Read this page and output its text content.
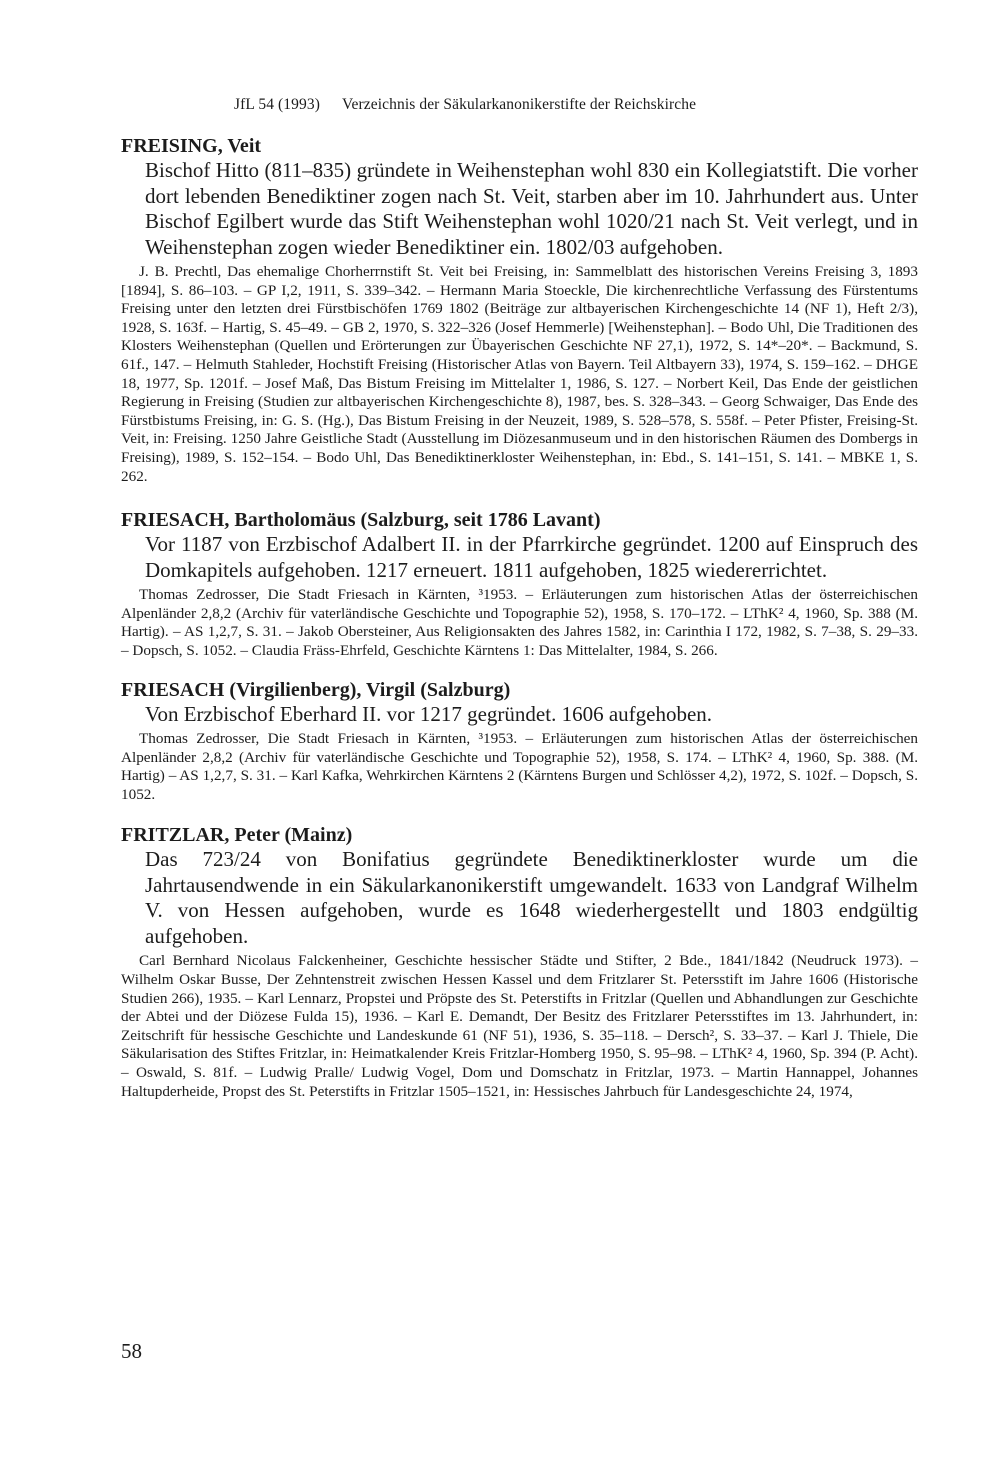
JfL 54 (1993) Verzeichnis der Säkularkanonikerstifte der Reichskirche
FREISING, Veit

Bischof Hitto (811–835) gründete in Weihenstephan wohl 830 ein Kollegiatstift. Die vorher dort lebenden Benediktiner zogen nach St. Veit, starben aber im 10. Jahrhundert aus. Unter Bischof Egilbert wurde das Stift Weihenstephan wohl 1020/21 nach St. Veit verlegt, und in Weihenstephan zogen wieder Benediktiner ein. 1802/03 aufgehoben.

J. B. Prechtl, Das ehemalige Chorherrnstift St. Veit bei Freising, in: Sammelblatt des historischen Vereins Freising 3, 1893 [1894], S. 86–103. – GP I,2, 1911, S. 339–342. – Hermann Maria Stoeckle, Die kirchenrechtliche Verfassung des Fürstentums Freising unter den letzten drei Fürstbischöfen 1769 1802 (Beiträge zur altbayerischen Kirchengeschichte 14 (NF 1), Heft 2/3), 1928, S. 163f. – Hartig, S. 45–49. – GB 2, 1970, S. 322–326 (Josef Hemmerle) [Weihenstephan]. – Bodo Uhl, Die Traditionen des Klosters Weihenstephan (Quellen und Erörterungen zur Übayerischen Geschichte NF 27,1), 1972, S. 14*–20*. – Backmund, S. 61f., 147. – Helmuth Stahleder, Hochstift Freising (Historischer Atlas von Bayern. Teil Altbayern 33), 1974, S. 159–162. – DHGE 18, 1977, Sp. 1201f. – Josef Maß, Das Bistum Freising im Mittelalter 1, 1986, S. 127. – Norbert Keil, Das Ende der geistlichen Regierung in Freising (Studien zur altbayerischen Kirchengeschichte 8), 1987, bes. S. 328–343. – Georg Schwaiger, Das Ende des Fürstbistums Freising, in: G. S. (Hg.), Das Bistum Freising in der Neuzeit, 1989, S. 528–578, S. 558f. – Peter Pfister, Freising-St. Veit, in: Freising. 1250 Jahre Geistliche Stadt (Ausstellung im Diözesanmuseum und in den historischen Räumen des Dombergs in Freising), 1989, S. 152–154. – Bodo Uhl, Das Benediktinerkloster Weihenstephan, in: Ebd., S. 141–151, S. 141. – MBKE 1, S. 262.

FRIESACH, Bartholomäus (Salzburg, seit 1786 Lavant)

Vor 1187 von Erzbischof Adalbert II. in der Pfarrkirche gegründet. 1200 auf Einspruch des Domkapitels aufgehoben. 1217 erneuert. 1811 aufgehoben, 1825 wiedererrichtet.

Thomas Zedrosser, Die Stadt Friesach in Kärnten, ³1953. – Erläuterungen zum historischen Atlas der österreichischen Alpenländer 2,8,2 (Archiv für vaterländische Geschichte und Topographie 52), 1958, S. 170–172. – LThK² 4, 1960, Sp. 388 (M. Hartig). – AS 1,2,7, S. 31. – Jakob Obersteiner, Aus Religionsakten des Jahres 1582, in: Carinthia I 172, 1982, S. 7–38, S. 29–33. – Dopsch, S. 1052. – Claudia Fräss-Ehrfeld, Geschichte Kärntens 1: Das Mittelalter, 1984, S. 266.

FRIESACH (Virgilienberg), Virgil (Salzburg)

Von Erzbischof Eberhard II. vor 1217 gegründet. 1606 aufgehoben.

Thomas Zedrosser, Die Stadt Friesach in Kärnten, ³1953. – Erläuterungen zum historischen Atlas der österreichischen Alpenländer 2,8,2 (Archiv für vaterländische Geschichte und Topographie 52), 1958, S. 174. – LThK² 4, 1960, Sp. 388. (M. Hartig) – AS 1,2,7, S. 31. – Karl Kafka, Wehrkirchen Kärntens 2 (Kärntens Burgen und Schlösser 4,2), 1972, S. 102f. – Dopsch, S. 1052.

FRITZLAR, Peter (Mainz)

Das 723/24 von Bonifatius gegründete Benediktinerkloster wurde um die Jahrtausendwende in ein Säkularkanonikerstift umgewandelt. 1633 von Landgraf Wilhelm V. von Hessen aufgehoben, wurde es 1648 wiederhergestellt und 1803 endgültig aufgehoben.

Carl Bernhard Nicolaus Falckenheiner, Geschichte hessischer Städte und Stifter, 2 Bde., 1841/1842 (Neudruck 1973). – Wilhelm Oskar Busse, Der Zehntenstreit zwischen Hessen Kassel und dem Fritzlarer St. Petersstift im Jahre 1606 (Historische Studien 266), 1935. – Karl Lennarz, Propstei und Pröpste des St. Peterstifts in Fritzlar (Quellen und Abhandlungen zur Geschichte der Abtei und der Diözese Fulda 15), 1936. – Karl E. Demandt, Der Besitz des Fritzlarer Petersstiftes im 13. Jahrhundert, in: Zeitschrift für hessische Geschichte und Landeskunde 61 (NF 51), 1936, S. 35–118. – Dersch², S. 33–37. – Karl J. Thiele, Die Säkularisation des Stiftes Fritzlar, in: Heimatkalender Kreis Fritzlar-Homberg 1950, S. 95–98. – LThK² 4, 1960, Sp. 394 (P. Acht). – Oswald, S. 81f. – Ludwig Pralle/ Ludwig Vogel, Dom und Domschatz in Fritzlar, 1973. – Martin Hannappel, Johannes Haltupderheide, Propst des St. Peterstifts in Fritzlar 1505–1521, in: Hessisches Jahrbuch für Landesgeschichte 24, 1974,

58
